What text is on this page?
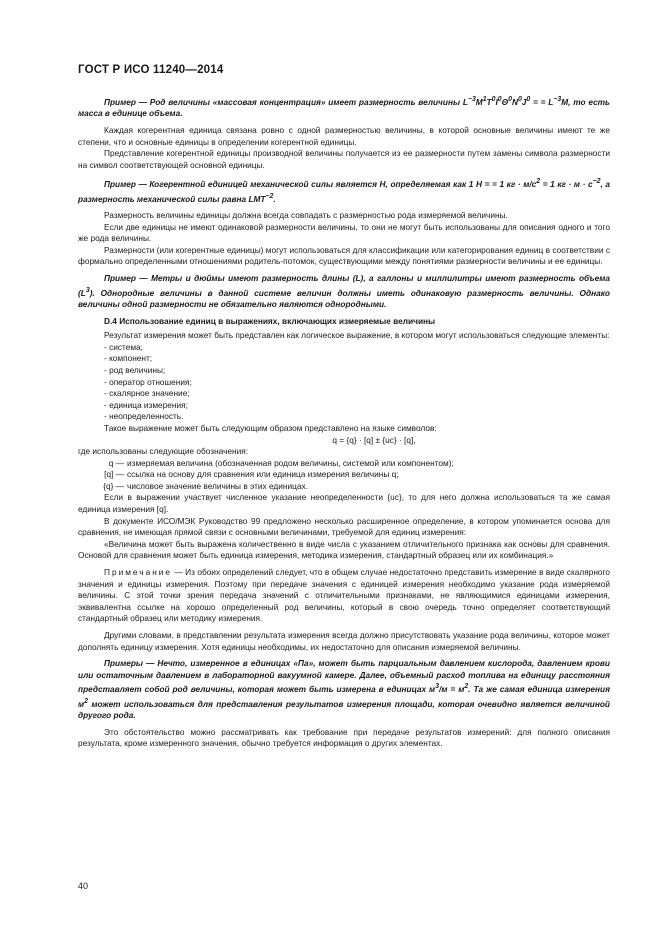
ГОСТ Р ИСО 11240—2014

Пример — Род величины «массовая концентрация» имеет размерность величины $L^{-3}M^1T^0I^0\Theta^0N^0J^0$ = = $L^{-3}M$, то есть масса в единице объема.

Каждая когерентная единица связана ровно с одной размерностью величины, в которой основные величины имеют те же степени, что и основные единицы в определении когерентной единицы.

Представление когерентной единицы производной величины получается из ее размерности путем замены символа размерности на символ соответствующей основной единицы.

Пример — Когерентной единицей механической силы является Н, определяемая как 1 Н = = 1 кг · $м/с^2 = 1$ кг · $м \cdot с^{-2}$, а размерность механической силы равна $LMT^{-2}$.

Размерность величины единицы должна всегда совпадать с размерностью рода измеряемой величины.

Если две единицы не имеют одинаковой размерности величины, то они не могут быть использованы для описания одного и того же рода величины.

Размерности (или когерентные единицы) могут использоваться для классификации или категорирования единиц в соответствии с формально определенными отношениями родитель-потомок, существующими между понятиями размерности величины и ее единицы.

Пример — Метры и дюймы имеют размерность длины (L), а галлоны и миллилитры имеют размерность объема $(L^3)$. Однородные величины в данной системе величин должны иметь одинаковую размерность величины. Однако величины одной размерности не обязательно являются однородными.

D.4 Использование единиц в выражениях, включающих измеряемые величины

Результат измерения может быть представлен как логическое выражение, в котором могут использоваться следующие элементы:

- система;
- компонент;
- род величины;
- оператор отношения;
- скалярное значение;
- единица измерения;
- неопределенность.

Такое выражение может быть следующим образом представлено на языке символов:

q = {q} · [q] ± {uc} · [q],

где использованы следующие обозначения:

q — измеряемая величина (обозначенная родом величины, системой или компонентом);
[q] — ссылка на основу для сравнения или единица измерения величины q;
{q} — числовое значение величины в этих единицах.

Если в выражении участвует численное указание неопределенности {uc}, то для него должна использоваться та же самая единица измерения [q].

В документе ИСО/МЭК Руководство 99 предложено несколько расширенное определение, в котором упоминается основа для сравнения, не имеющая прямой связи с основными величинами, требуемой для единиц измерения:

«Величина может быть выражена количественно в виде числа с указанием отличительного признака как основы для сравнения. Основой для сравнения может быть единица измерения, методика измерения, стандартный образец или их комбинация.»

Примечание — Из обоих определений следует, что в общем случае недостаточно представить измерение в виде скалярного значения и единицы измерения. Поэтому при передаче значения с единицей измерения необходимо указание рода измеряемой величины. С этой точки зрения передача значений с отличительными признаками, не являющимися единицами измерения, эквивалентна ссылке на хорошо определенный род величины, который в свою очередь точно определяет соответствующий стандартный образец или методику измерения.

Другими словами, в представлении результата измерения всегда должно присутствовать указание рода величины, которое может дополнять единицу измерения. Хотя единицы необходимы, их недостаточно для описания измеряемой величины.

Примеры — Нечто, измеренное в единицах «Па», может быть парциальным давлением кислорода, давлением крови или остаточным давлением в лабораторной вакуумной камере. Далее, объемный расход топлива на единицу расстояния представляет собой род величины, которая может быть измерена в единицах $м^3/м = м^2$. Та же самая единица измерения $м^2$ может использоваться для представления результатов измерения площади, которая очевидно является величиной другого рода.

Это обстоятельство можно рассматривать как требование при передаче результатов измерений: для полного описания результата, кроме измеренного значения, обычно требуется информация о других элементах.

40
